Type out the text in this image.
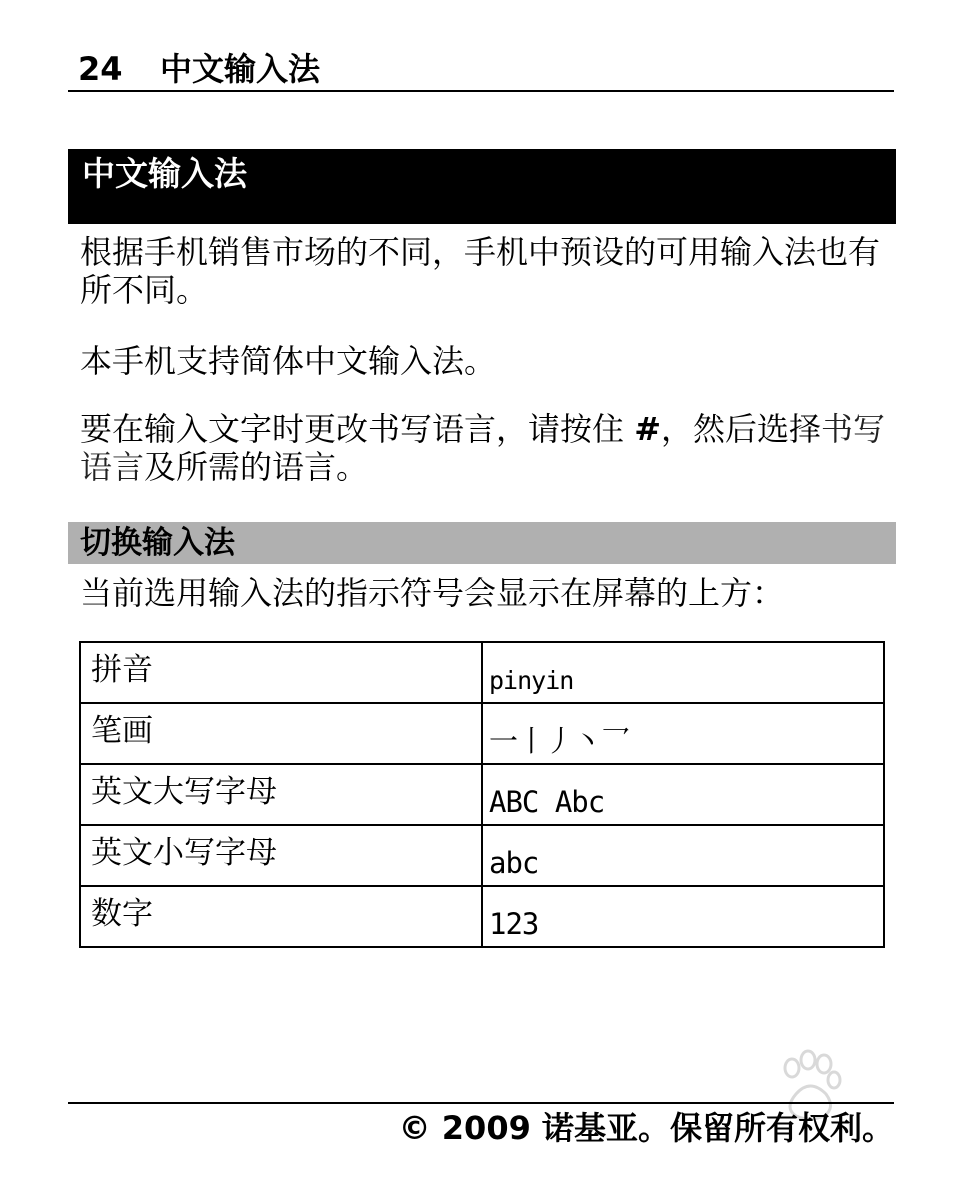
24 中文输入法
中文输入法

根据手机销售市场的不同，手机中预设的可用输入法也有所不同。

本手机支持简体中文输入法。

要在输入文字时更改书写语言，请按住 #，然后选择书写语言及所需的语言。

切换输入法

当前选用输入法的指示符号会显示在屏幕的上方：

拼音	pinyin
笔画	一丨丿丶乛
英文大写字母	ABC Abc
英文小写字母	abc
数字	123
© 2009 诺基亚。保留所有权利。
